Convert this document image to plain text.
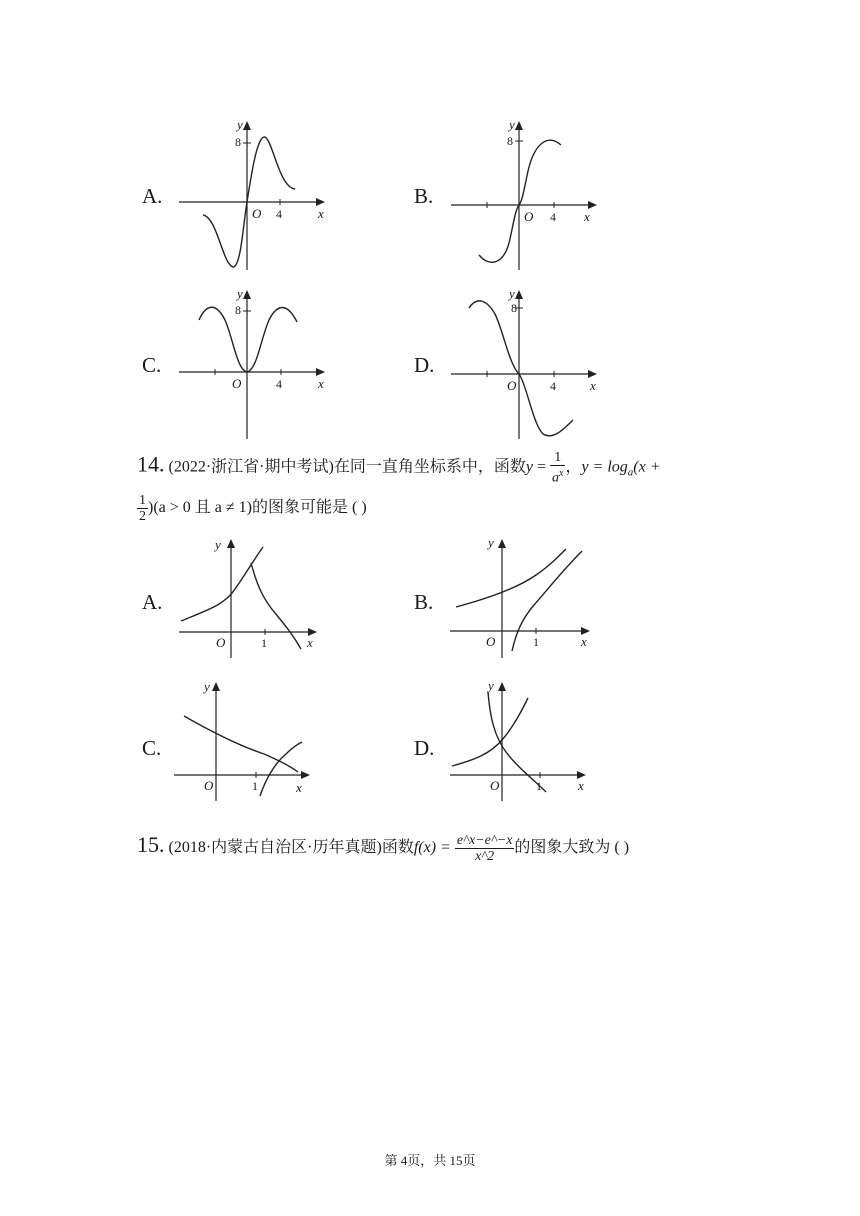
A.
y
8
O 4	x
B.
y
8
O 4 x
C.
y
8
O	4	x
D.
y
8
O	4	x
14. (2022·浙江省·期中考试)在同一直角坐标系中，函数$y = \frac{1}{a^x}$ ，$y = \log_a(x$ +
$\frac{1}{2} )(a > 0$ 且 a ≠ 1)的图象可能是 ( )
A.
y
O	1	x
B.
y
O	1	x
C.
y
O	1	x
D.
y
O	1	x
15. (2018·内蒙古自治区·历年真题)函数$f(x) = \frac{e\^{}x-e\^{}-x}{x\^{}2}$ 的图象大致为 ( )
第 4页，共 15页
